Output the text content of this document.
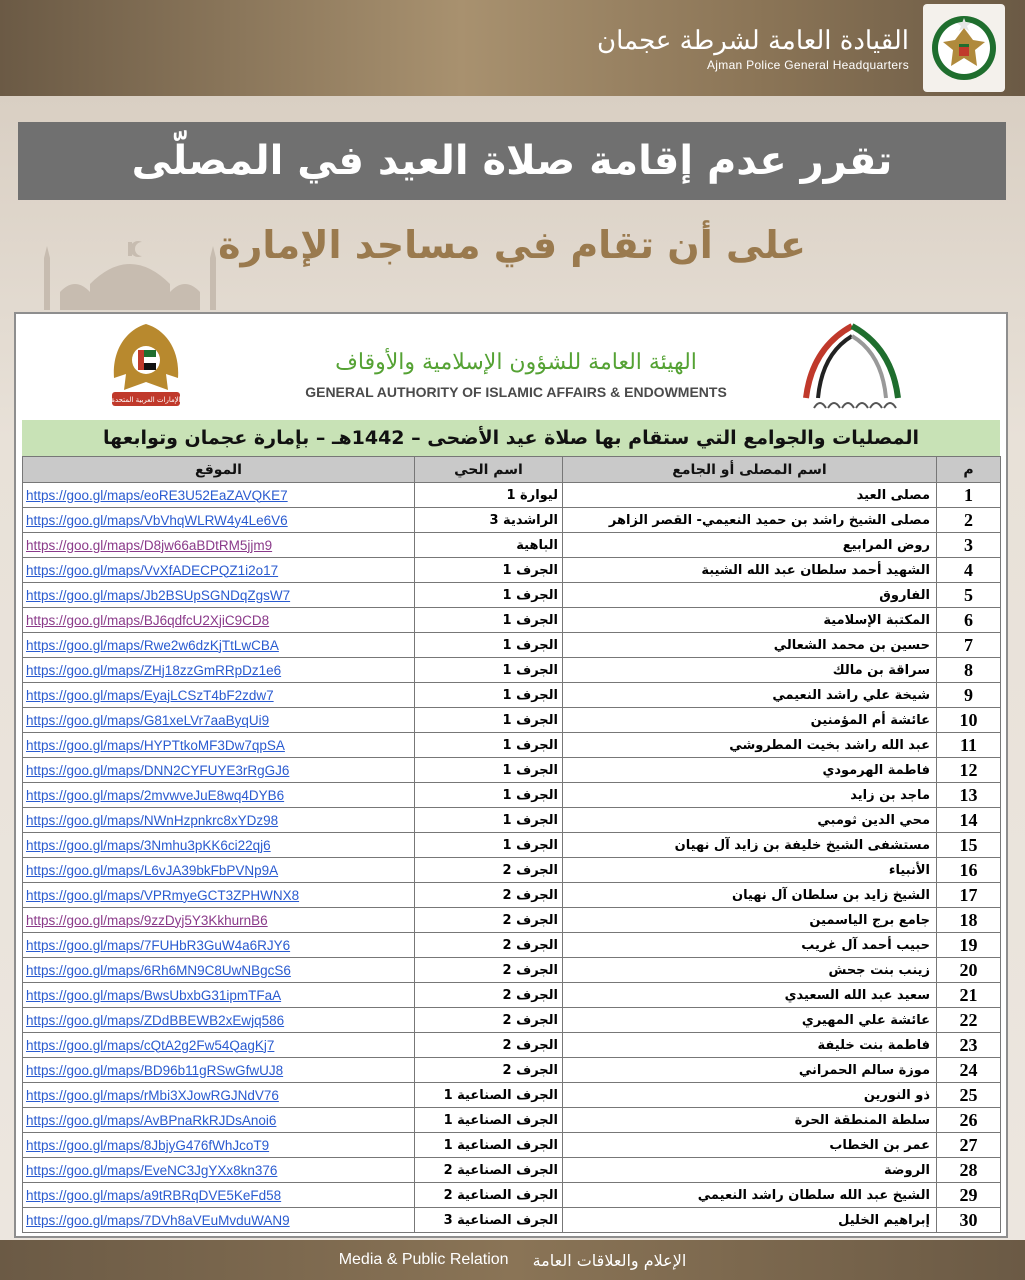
القيادة العامة لشرطة عجمان
Ajman Police General Headquarters
تقرر عدم إقامة صلاة العيد في المصلّى
على أن تقام في مساجد الإمارة
الإمارات العربية المتحدة
الهيئة العامة للشؤون الإسلامية والأوقاف
GENERAL AUTHORITY OF ISLAMIC AFFAIRS & ENDOWMENTS
المصليات والجوامع التي ستقام بها صلاة عيد الأضحى – 1442هـ – بإمارة عجمان وتوابعها
الموقع	اسم الحي	اسم المصلى أو الجامع	م
https://goo.gl/maps/eoRE3U52EaZAVQKE7	ليوارة 1	مصلى العيد	1
https://goo.gl/maps/VbVhqWLRW4y4Le6V6	الراشدية 3	مصلى الشيخ راشد بن حميد النعيمي- القصر الزاهر	2
https://goo.gl/maps/D8jw66aBDtRM5jjm9	الباهية	روض المرابيع	3
https://goo.gl/maps/VvXfADECPQZ1i2o17	الجرف 1	الشهيد أحمد سلطان عبد الله الشيبة	4
https://goo.gl/maps/Jb2BSUpSGNDqZgsW7	الجرف 1	الفاروق	5
https://goo.gl/maps/BJ6qdfcU2XjiC9CD8	الجرف 1	المكتبة الإسلامية	6
https://goo.gl/maps/Rwe2w6dzKjTtLwCBA	الجرف 1	حسين بن محمد الشعالي	7
https://goo.gl/maps/ZHj18zzGmRRpDz1e6	الجرف 1	سراقة بن مالك	8
https://goo.gl/maps/EyajLCSzT4bF2zdw7	الجرف 1	شيخة علي راشد النعيمي	9
https://goo.gl/maps/G81xeLVr7aaByqUi9	الجرف 1	عائشة أم المؤمنين	10
https://goo.gl/maps/HYPTtkoMF3Dw7qpSA	الجرف 1	عبد الله راشد بخيت المطروشي	11
https://goo.gl/maps/DNN2CYFUYE3rRgGJ6	الجرف 1	فاطمة الهرمودي	12
https://goo.gl/maps/2mvwveJuE8wq4DYB6	الجرف 1	ماجد بن زايد	13
https://goo.gl/maps/NWnHzpnkrc8xYDz98	الجرف 1	محي الدين ثومبي	14
https://goo.gl/maps/3Nmhu3pKK6ci22qj6	الجرف 1	مستشفى الشيخ خليفة بن زايد آل نهيان	15
https://goo.gl/maps/L6vJA39bkFbPVNp9A	الجرف 2	الأنبياء	16
https://goo.gl/maps/VPRmyeGCT3ZPHWNX8	الجرف 2	الشيخ زايد بن سلطان آل نهيان	17
https://goo.gl/maps/9zzDyj5Y3KkhurnB6	الجرف 2	جامع برج الياسمين	18
https://goo.gl/maps/7FUHbR3GuW4a6RJY6	الجرف 2	حبيب أحمد آل غريب	19
https://goo.gl/maps/6Rh6MN9C8UwNBgcS6	الجرف 2	زينب بنت جحش	20
https://goo.gl/maps/BwsUbxbG31ipmTFaA	الجرف 2	سعيد عبد الله السعيدي	21
https://goo.gl/maps/ZDdBBEWB2xEwjq586	الجرف 2	عائشة علي المهيري	22
https://goo.gl/maps/cQtA2g2Fw54QagKj7	الجرف 2	فاطمة بنت خليفة	23
https://goo.gl/maps/BD96b11gRSwGfwUJ8	الجرف 2	موزة سالم الحمراني	24
https://goo.gl/maps/rMbi3XJowRGJNdV76	الجرف الصناعية 1	ذو النورين	25
https://goo.gl/maps/AvBPnaRkRJDsAnoi6	الجرف الصناعية 1	سلطة المنطقة الحرة	26
https://goo.gl/maps/8JbjyG476fWhJcoT9	الجرف الصناعية 1	عمر بن الخطاب	27
https://goo.gl/maps/EveNC3JgYXx8kn376	الجرف الصناعية 2	الروضة	28
https://goo.gl/maps/a9tRBRqDVE5KeFd58	الجرف الصناعية 2	الشيخ عبد الله سلطان راشد النعيمي	29
https://goo.gl/maps/7DVh8aVEuMvduWAN9	الجرف الصناعية 3	إبراهيم الخليل	30
Media & Public Relation الإعلام والعلاقات العامة
